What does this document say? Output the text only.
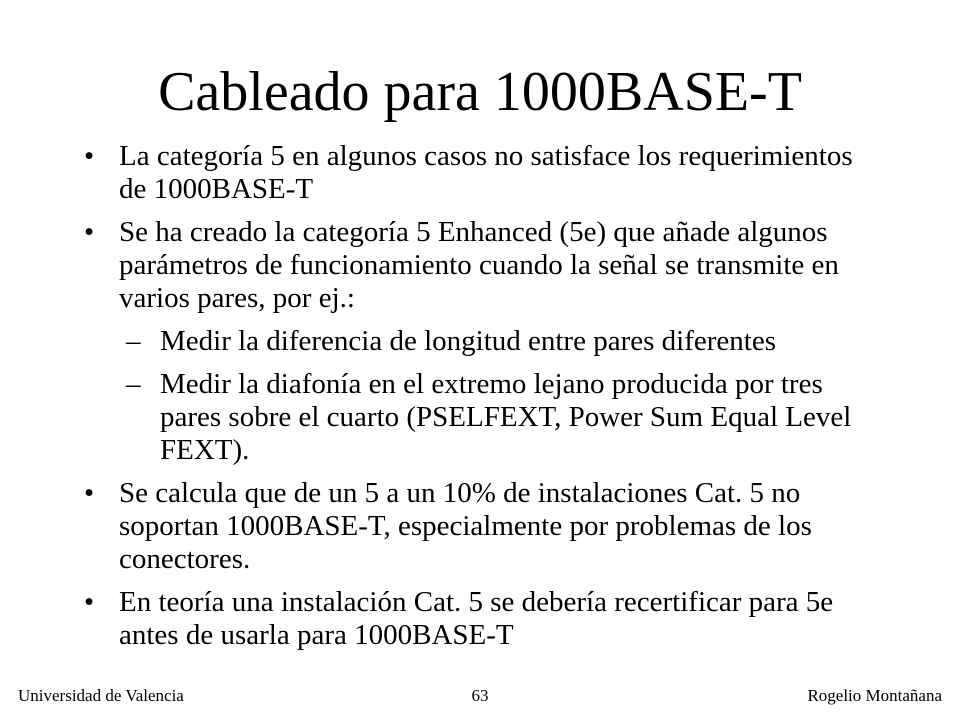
Cableado para 1000BASE-T
• La categoría 5 en algunos casos no satisface los requerimientos de 1000BASE-T
• Se ha creado la categoría 5 Enhanced (5e) que añade algunos parámetros de funcionamiento cuando la señal se transmite en varios pares, por ej.:
– Medir la diferencia de longitud entre pares diferentes
– Medir la diafonía en el extremo lejano producida por tres pares sobre el cuarto (PSELFEXT, Power Sum Equal Level FEXT).
• Se calcula que de un 5 a un 10% de instalaciones Cat. 5 no soportan 1000BASE-T, especialmente por problemas de los conectores.
• En teoría una instalación Cat. 5 se debería recertificar para 5e antes de usarla para 1000BASE-T
Universidad de Valencia	63	Rogelio Montañana
